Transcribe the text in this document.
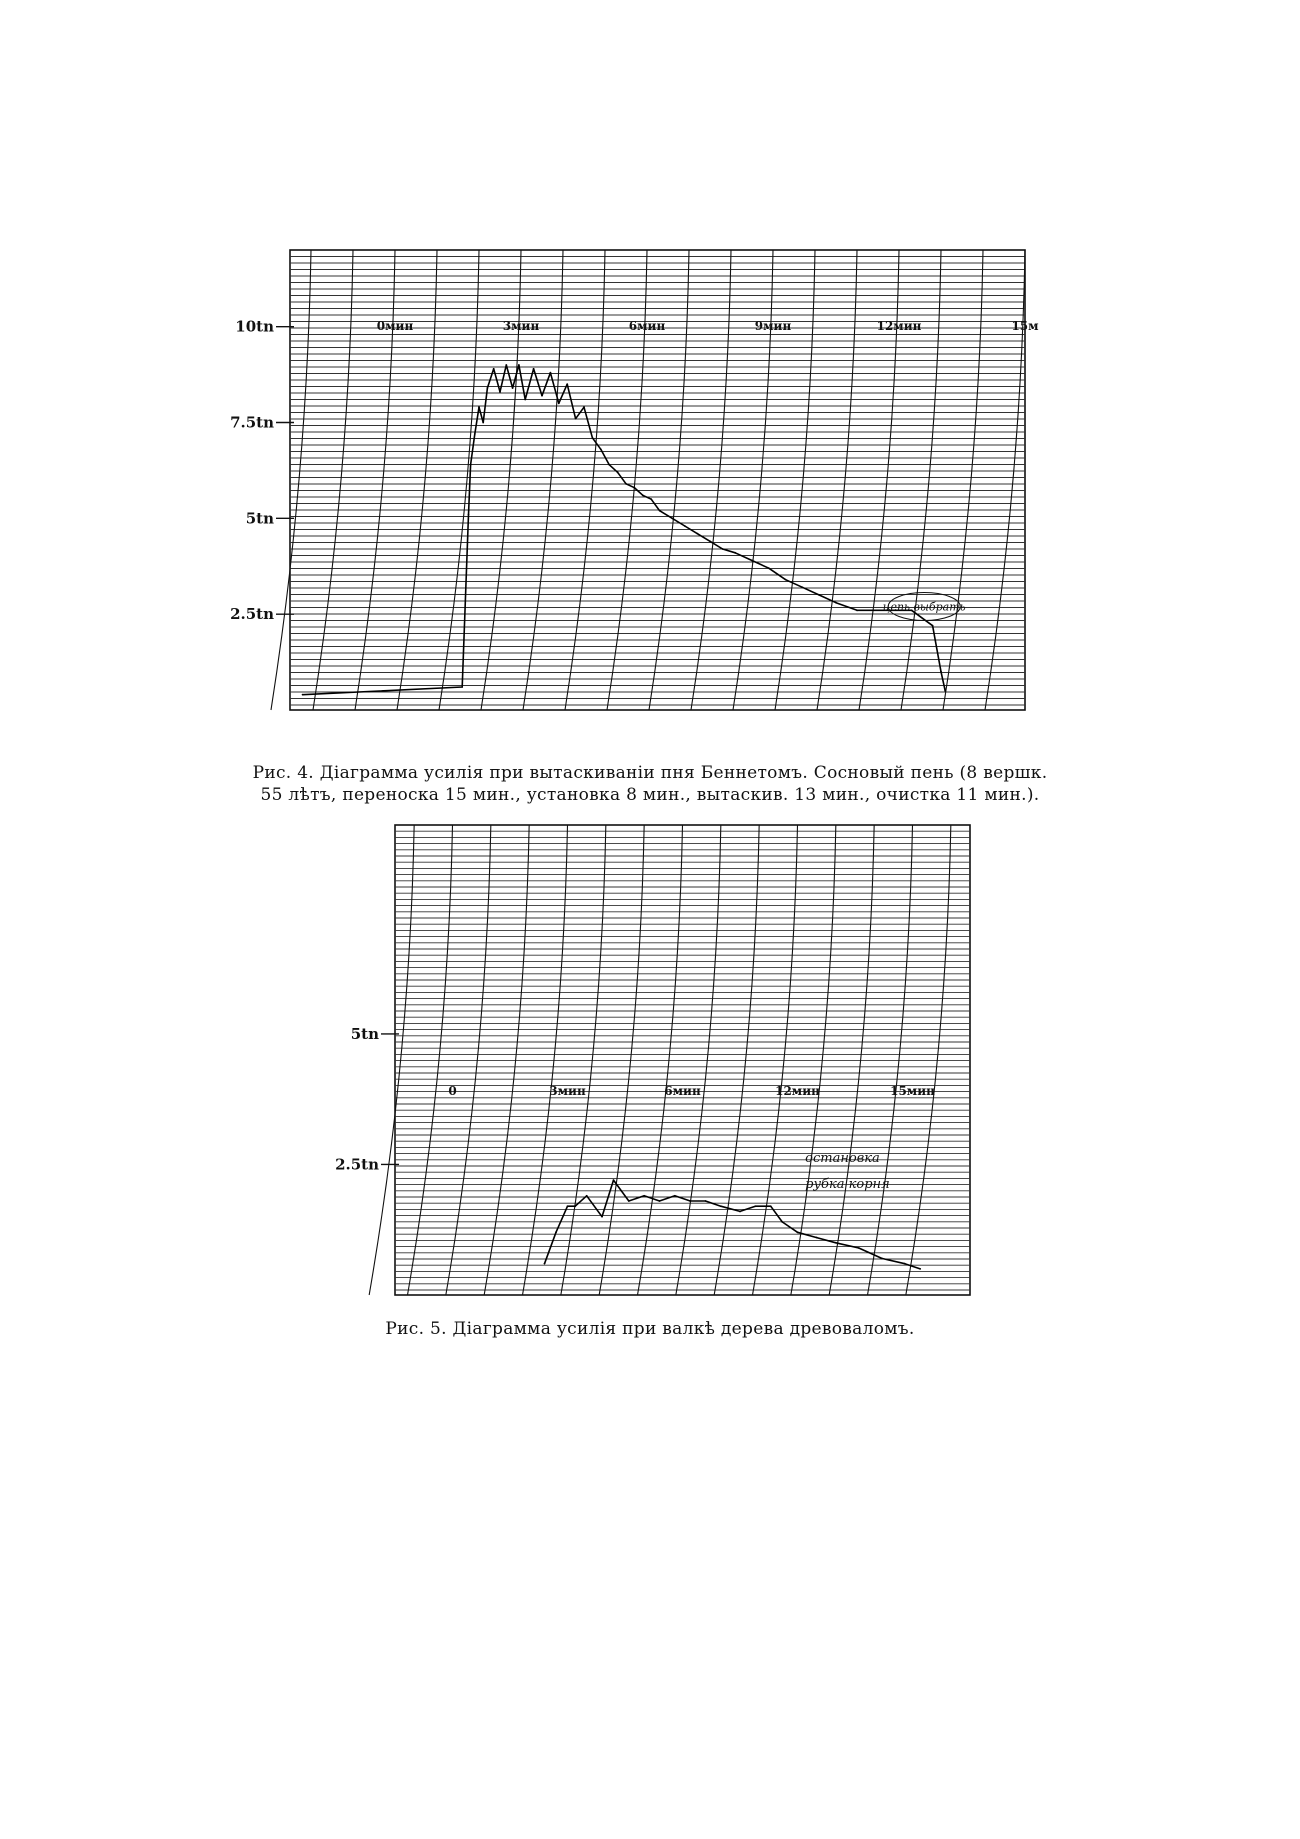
10tn
7.5tn
5tn
2.5tn
0мин	3мин	6мин	9мин	12мин	15м
цепь выбрать
5tn
2.5tn
0	3мин	6мин	12мин	15мин
остановка
рубка корня
Рис. 4. Діаграмма усилія при вытаскиваніи пня Беннетомъ. Сосновый пень (8 вершк.
55 лѣтъ, переноска 15 мин., установка 8 мин., вытаскив. 13 мин., очистка 11 мин.).
Рис. 5. Діаграмма усилія при валкѣ дерева древоваломъ.
